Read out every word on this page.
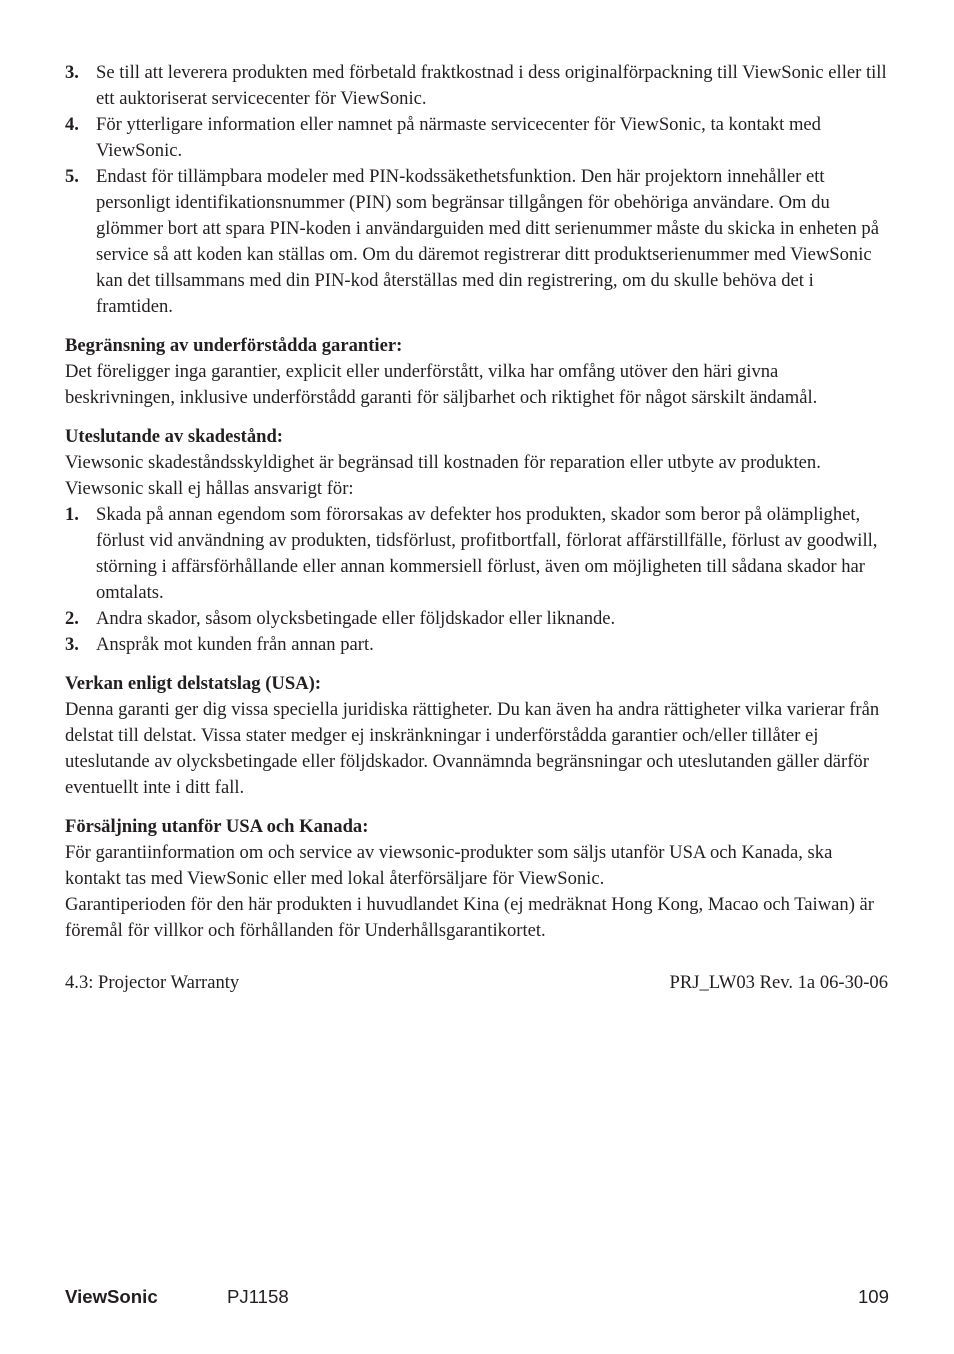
3. Se till att leverera produkten med förbetald fraktkostnad i dess originalförpackning till ViewSonic eller till ett auktoriserat servicecenter för ViewSonic.
4. För ytterligare information eller namnet på närmaste servicecenter för ViewSonic, ta kontakt med ViewSonic.
5. Endast för tillämpbara modeler med PIN-kodssäkethetsfunktion. Den här projektorn innehåller ett personligt identifikationsnummer (PIN) som begränsar tillgången för obehöriga användare. Om du glömmer bort att spara PIN-koden i användarguiden med ditt serienummer måste du skicka in enheten på service så att koden kan ställas om. Om du däremot registrerar ditt produktserienummer med ViewSonic kan det tillsammans med din PIN-kod återställas med din registrering, om du skulle behöva det i framtiden.
Begränsning av underförstådda garantier:

Det föreligger inga garantier, explicit eller underförstått, vilka har omfång utöver den häri givna beskrivningen, inklusive underförstådd garanti för säljbarhet och riktighet för något särskilt ändamål.

Uteslutande av skadestånd:

Viewsonic skadeståndsskyldighet är begränsad till kostnaden för reparation eller utbyte av produkten. Viewsonic skall ej hållas ansvarigt för:

1. Skada på annan egendom som förorsakas av defekter hos produkten, skador som beror på olämplighet, förlust vid användning av produkten, tidsförlust, profitbortfall, förlorat affärstillfälle, förlust av goodwill, störning i affärsförhållande eller annan kommersiell förlust, även om möjligheten till sådana skador har omtalats.
2. Andra skador, såsom olycksbetingade eller följdskador eller liknande.
3. Anspråk mot kunden från annan part.
Verkan enligt delstatslag (USA):

Denna garanti ger dig vissa speciella juridiska rättigheter. Du kan även ha andra rättigheter vilka varierar från delstat till delstat. Vissa stater medger ej inskränkningar i underförstådda garantier och/eller tillåter ej uteslutande av olycksbetingade eller följdskador. Ovannämnda begränsningar och uteslutanden gäller därför eventuellt inte i ditt fall.

Försäljning utanför USA och Kanada:

För garantiinformation om och service av viewsonic-produkter som säljs utanför USA och Kanada, ska kontakt tas med ViewSonic eller med lokal återförsäljare för ViewSonic.

Garantiperioden för den här produkten i huvudlandet Kina (ej medräknat Hong Kong, Macao och Taiwan) är föremål för villkor och förhållanden för Underhållsgarantikortet.

4.3: Projector Warranty	PRJ_LW03 Rev. 1a 06-30-06
ViewSonic	PJ1158	109
